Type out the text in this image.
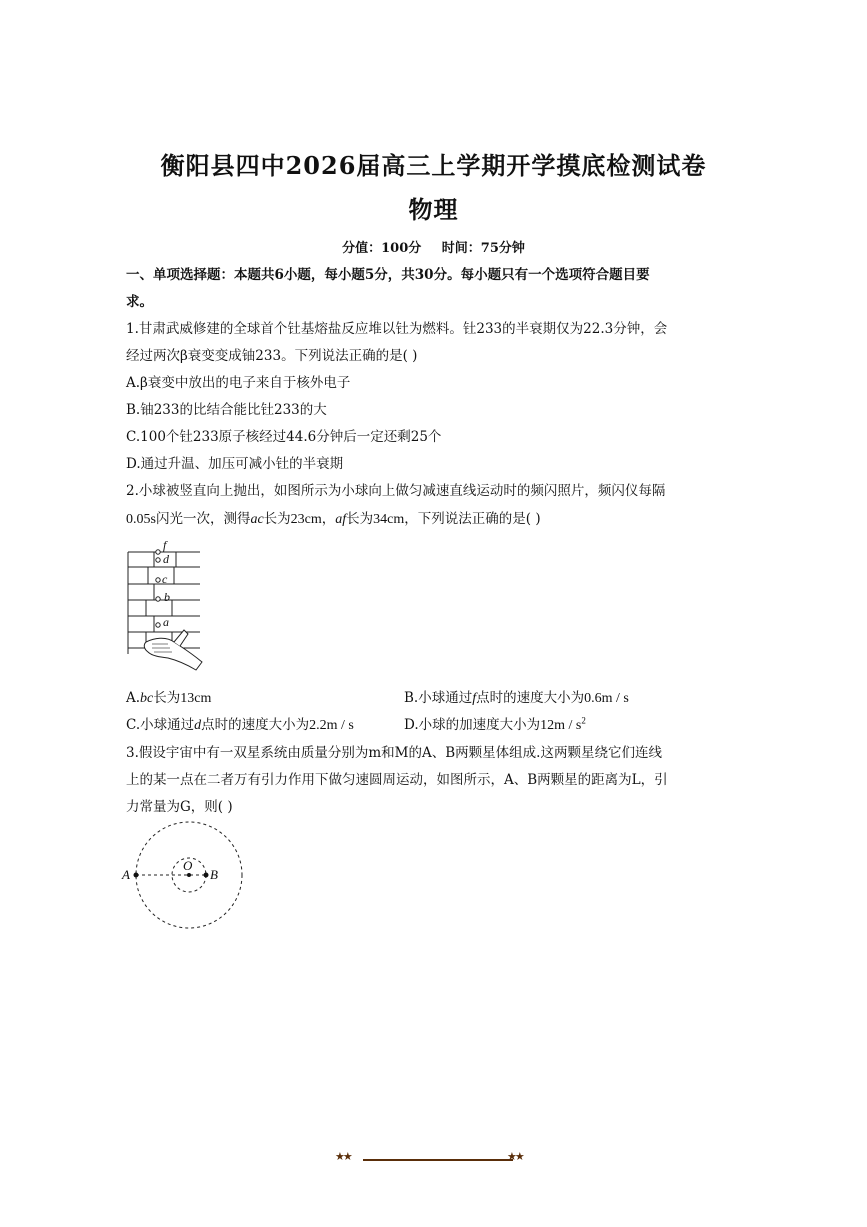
衡阳县四中2026届高三上学期开学摸底检测试卷
物理
分值：100分 时间：75分钟
一、单项选择题：本题共6小题，每小题5分，共30分。每小题只有一个选项符合题目要
求。
1.甘肃武威修建的全球首个钍基熔盐反应堆以钍为燃料。钍233的半衰期仅为22.3分钟，会
经过两次β衰变变成铀233。下列说法正确的是( )
A.β衰变中放出的电子来自于核外电子
B.铀233的比结合能比钍233的大
C.100个钍233原子核经过44.6分钟后一定还剩25个
D.通过升温、加压可减小钍的半衰期
2.小球被竖直向上抛出，如图所示为小球向上做匀减速直线运动时的频闪照片，频闪仪每隔
0.05s闪光一次，测得ac长为23cm，af长为34cm，下列说法正确的是( )
f
d
c
b
a
A.bc长为13cm	B.小球通过f点时的速度大小为0.6m / s
C.小球通过d点时的速度大小为2.2m / s	D.小球的加速度大小为$12m / s^2$
3.假设宇宙中有一双星系统由质量分别为m和M的A、B两颗星体组成.这两颗星绕它们连线
上的某一点在二者万有引力作用下做匀速圆周运动，如图所示，A、B两颗星的距离为L，引
力常量为G，则( )
A
O
B
★★	★★
